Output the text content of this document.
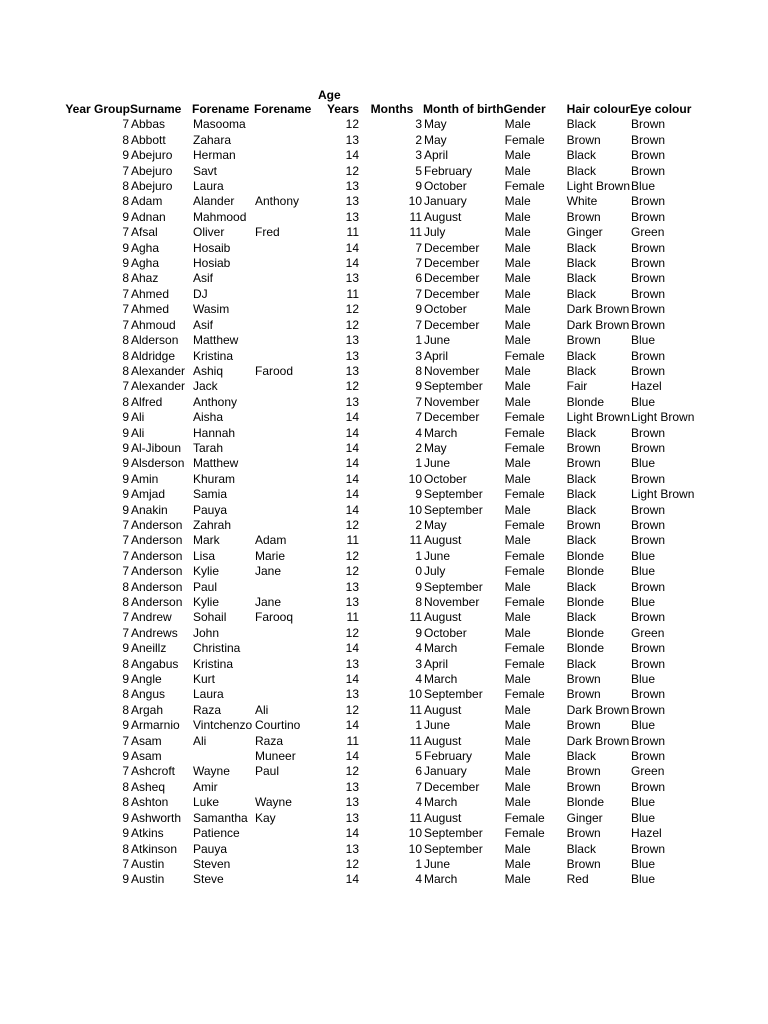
Age
Year Group	Surname	Forename	Forename	Years	Months	Month of birth	Gender	Hair colour	Eye colour
7	Abbas	Masooma		12	3	May	Male	Black	Brown
8	Abbott	Zahara		13	2	May	Female	Brown	Brown
9	Abejuro	Herman		14	3	April	Male	Black	Brown
7	Abejuro	Savt		12	5	February	Male	Black	Brown
8	Abejuro	Laura		13	9	October	Female	Light Brown	Blue
8	Adam	Alander	Anthony	13	10	January	Male	White	Brown
9	Adnan	Mahmood		13	11	August	Male	Brown	Brown
7	Afsal	Oliver	Fred	11	11	July	Male	Ginger	Green
9	Agha	Hosaib		14	7	December	Male	Black	Brown
9	Agha	Hosiab		14	7	December	Male	Black	Brown
8	Ahaz	Asif		13	6	December	Male	Black	Brown
7	Ahmed	DJ		11	7	December	Male	Black	Brown
7	Ahmed	Wasim		12	9	October	Male	Dark Brown	Brown
7	Ahmoud	Asif		12	7	December	Male	Dark Brown	Brown
8	Alderson	Matthew		13	1	June	Male	Brown	Blue
8	Aldridge	Kristina		13	3	April	Female	Black	Brown
8	Alexander	Ashiq	Farood	13	8	November	Male	Black	Brown
7	Alexander	Jack		12	9	September	Male	Fair	Hazel
8	Alfred	Anthony		13	7	November	Male	Blonde	Blue
9	Ali	Aisha		14	7	December	Female	Light Brown	Light Brown
9	Ali	Hannah		14	4	March	Female	Black	Brown
9	Al-Jiboun	Tarah		14	2	May	Female	Brown	Brown
9	Alsderson	Matthew		14	1	June	Male	Brown	Blue
9	Amin	Khuram		14	10	October	Male	Black	Brown
9	Amjad	Samia		14	9	September	Female	Black	Light Brown
9	Anakin	Pauya		14	10	September	Male	Black	Brown
7	Anderson	Zahrah		12	2	May	Female	Brown	Brown
7	Anderson	Mark	Adam	11	11	August	Male	Black	Brown
7	Anderson	Lisa	Marie	12	1	June	Female	Blonde	Blue
7	Anderson	Kylie	Jane	12	0	July	Female	Blonde	Blue
8	Anderson	Paul		13	9	September	Male	Black	Brown
8	Anderson	Kylie	Jane	13	8	November	Female	Blonde	Blue
7	Andrew	Sohail	Farooq	11	11	August	Male	Black	Brown
7	Andrews	John		12	9	October	Male	Blonde	Green
9	Aneillz	Christina		14	4	March	Female	Blonde	Brown
8	Angabus	Kristina		13	3	April	Female	Black	Brown
9	Angle	Kurt		14	4	March	Male	Brown	Blue
8	Angus	Laura		13	10	September	Female	Brown	Brown
8	Argah	Raza	Ali	12	11	August	Male	Dark Brown	Brown
9	Armarnio	Vintchenzo	Courtino	14	1	June	Male	Brown	Blue
7	Asam	Ali	Raza	11	11	August	Male	Dark Brown	Brown
9	Asam		Muneer	14	5	February	Male	Black	Brown
7	Ashcroft	Wayne	Paul	12	6	January	Male	Brown	Green
8	Asheq	Amir		13	7	December	Male	Brown	Brown
8	Ashton	Luke	Wayne	13	4	March	Male	Blonde	Blue
9	Ashworth	Samantha	Kay	13	11	August	Female	Ginger	Blue
9	Atkins	Patience		14	10	September	Female	Brown	Hazel
8	Atkinson	Pauya		13	10	September	Male	Black	Brown
7	Austin	Steven		12	1	June	Male	Brown	Blue
9	Austin	Steve		14	4	March	Male	Red	Blue
